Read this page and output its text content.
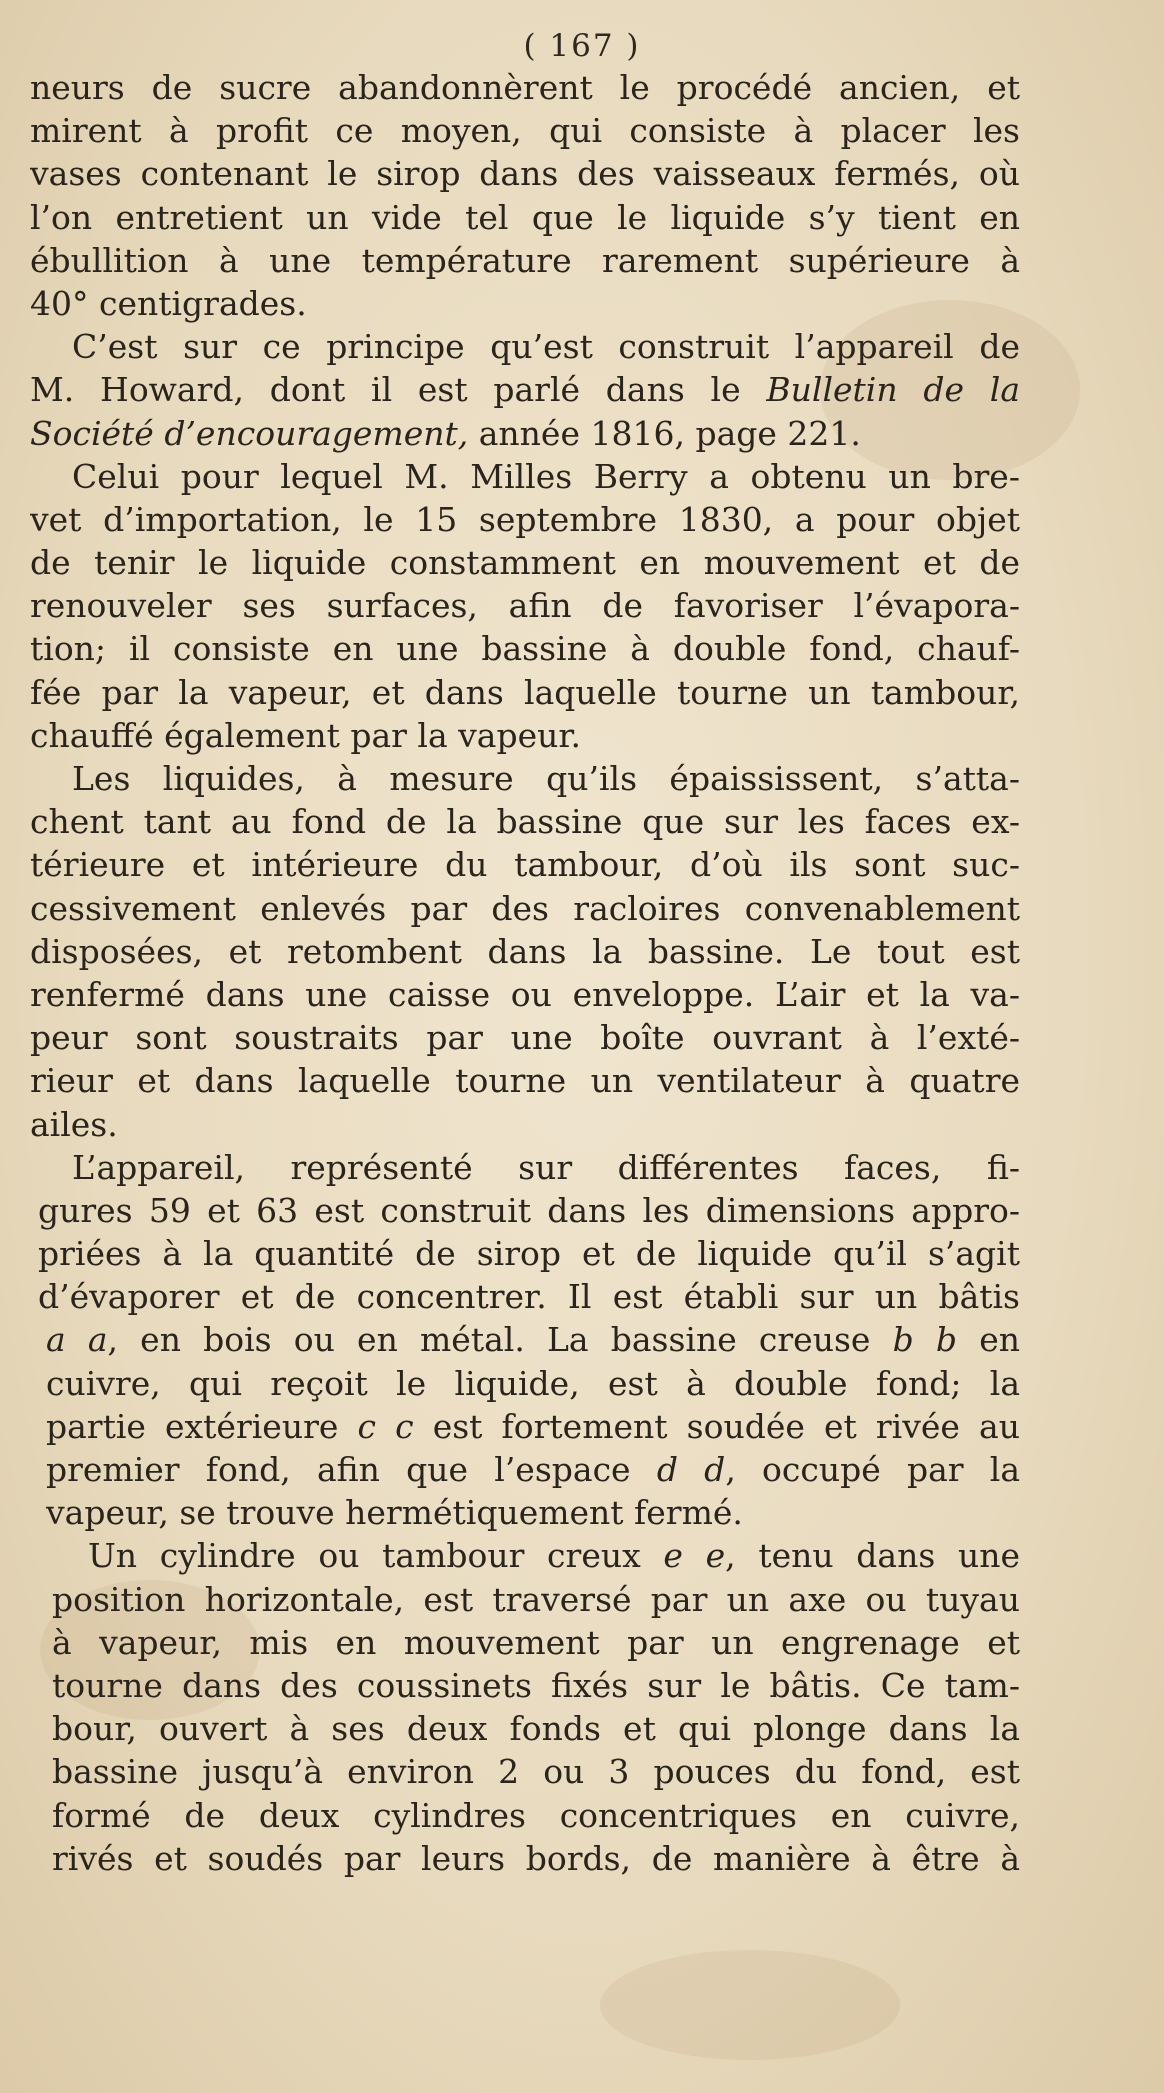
( 167 )
neurs de sucre abandonnèrent le procédé ancien, et
mirent à profit ce moyen, qui consiste à placer les
vases contenant le sirop dans des vaisseaux fermés, où
l’on entretient un vide tel que le liquide s’y tient en
ébullition à une température rarement supérieure à
40° centigrades.
C’est sur ce principe qu’est construit l’appareil de
M. Howard, dont il est parlé dans le Bulletin de la
Société d’encouragement, année 1816, page 221.
Celui pour lequel M. Milles Berry a obtenu un bre-
vet d’importation, le 15 septembre 1830, a pour objet
de tenir le liquide constamment en mouvement et de
renouveler ses surfaces, afin de favoriser l’évapora-
tion; il consiste en une bassine à double fond, chauf-
fée par la vapeur, et dans laquelle tourne un tambour,
chauffé également par la vapeur.
Les liquides, à mesure qu’ils épaississent, s’atta-
chent tant au fond de la bassine que sur les faces ex-
térieure et intérieure du tambour, d’où ils sont suc-
cessivement enlevés par des racloires convenablement
disposées, et retombent dans la bassine. Le tout est
renfermé dans une caisse ou enveloppe. L’air et la va-
peur sont soustraits par une boîte ouvrant à l’exté-
rieur et dans laquelle tourne un ventilateur à quatre
ailes.
L’appareil, représenté sur différentes faces, fi-
gures 59 et 63 est construit dans les dimensions appro-
priées à la quantité de sirop et de liquide qu’il s’agit
d’évaporer et de concentrer. Il est établi sur un bâtis
a a, en bois ou en métal. La bassine creuse b b en
cuivre, qui reçoit le liquide, est à double fond; la
partie extérieure c c est fortement soudée et rivée au
premier fond, afin que l’espace d d, occupé par la
vapeur, se trouve hermétiquement fermé.
Un cylindre ou tambour creux e e, tenu dans une
position horizontale, est traversé par un axe ou tuyau
à vapeur, mis en mouvement par un engrenage et
tourne dans des coussinets fixés sur le bâtis. Ce tam-
bour, ouvert à ses deux fonds et qui plonge dans la
bassine jusqu’à environ 2 ou 3 pouces du fond, est
formé de deux cylindres concentriques en cuivre,
rivés et soudés par leurs bords, de manière à être à
